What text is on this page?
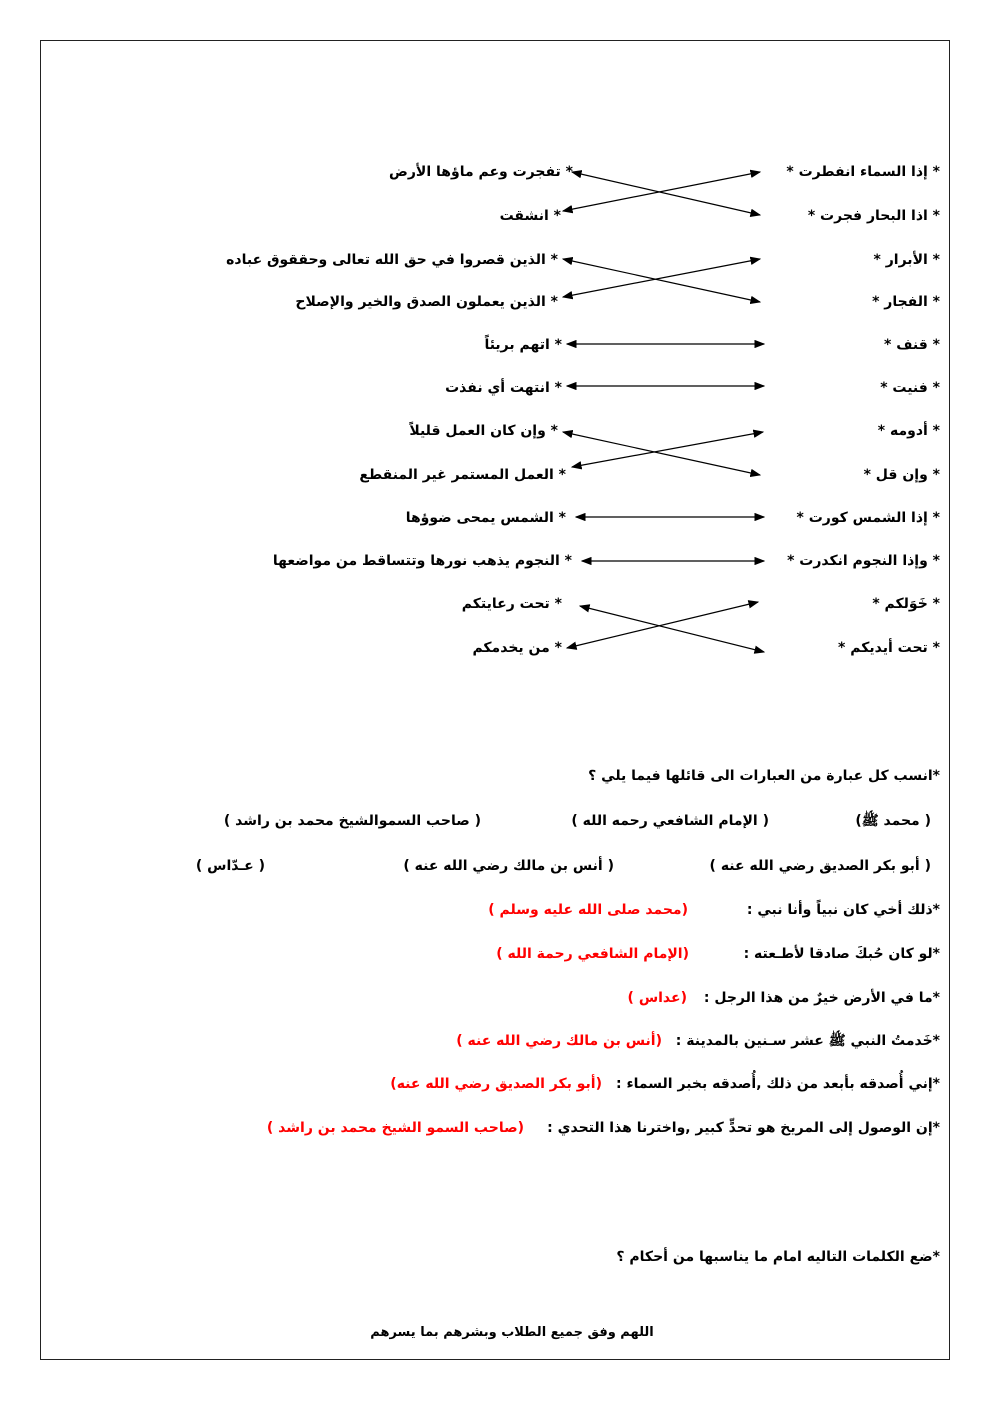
* إذا السماء انفطرت *
* اذا البحار فجرت *
* الأبرار *
* الفجار *
* قنف *
* فنيت *
* أدومه *
* وإن قل *
* إذا الشمس كورت *
* وإذا النجوم انكدرت *
* خَوَلكم *
* تحت أيديكم *
* تفجرت وعم ماؤها الأرض
* انشقت
* الذين قصروا في حق الله تعالى وحققوق عباده
* الذين يعملون الصدق والخير والإصلاح
* اتهم بريئاً
* انتهت أي نفذت
* وإن كان العمل قليلاً
* العمل المستمر غير المنقطع
* الشمس يمحى ضوؤها
* النجوم يذهب نورها وتتساقط من مواضعها
* تحت رعايتكم
* من يخدمكم
*انسب كل عبارة من العبارات الى قائلها فيما يلي ؟
( محمد ﷺ)
( الإمام الشافعي رحمه الله )
( صاحب السموالشيخ محمد بن راشد )
( أبو بكر الصديق رضي الله عنه )
( أنس بن مالك رضي الله عنه )
( عـدّاس )
*ذلك أخي كان نبياً وأنا نبي :
(محمد صلى الله عليه وسلم )
*لو كان حُبكَ صادقا لأطـعته :
(الإمام الشافعي رحمة الله )
*ما في الأرض خيرٌ من هذا الرجل :
(عداس )
*خَدمتُ النبي ﷺ عشر سـنين بالمدينة :
(أنس بن مالك رضي الله عنه )
*إني أُصدقه بأبعد من ذلك ,أُصدقه بخبر السماء :
(أبو بكر الصديق رضي الله عنه)
*إن الوصول إلى المريخ هو تحدٍّ كبير ,واخترنا هذا التحدي :
(صاحب السمو الشيخ محمد بن راشد )
*ضع الكلمات التاليه امام ما يناسبها من أحكام ؟
اللهم وفق جميع الطلاب وبشرهم بما يسرهم
